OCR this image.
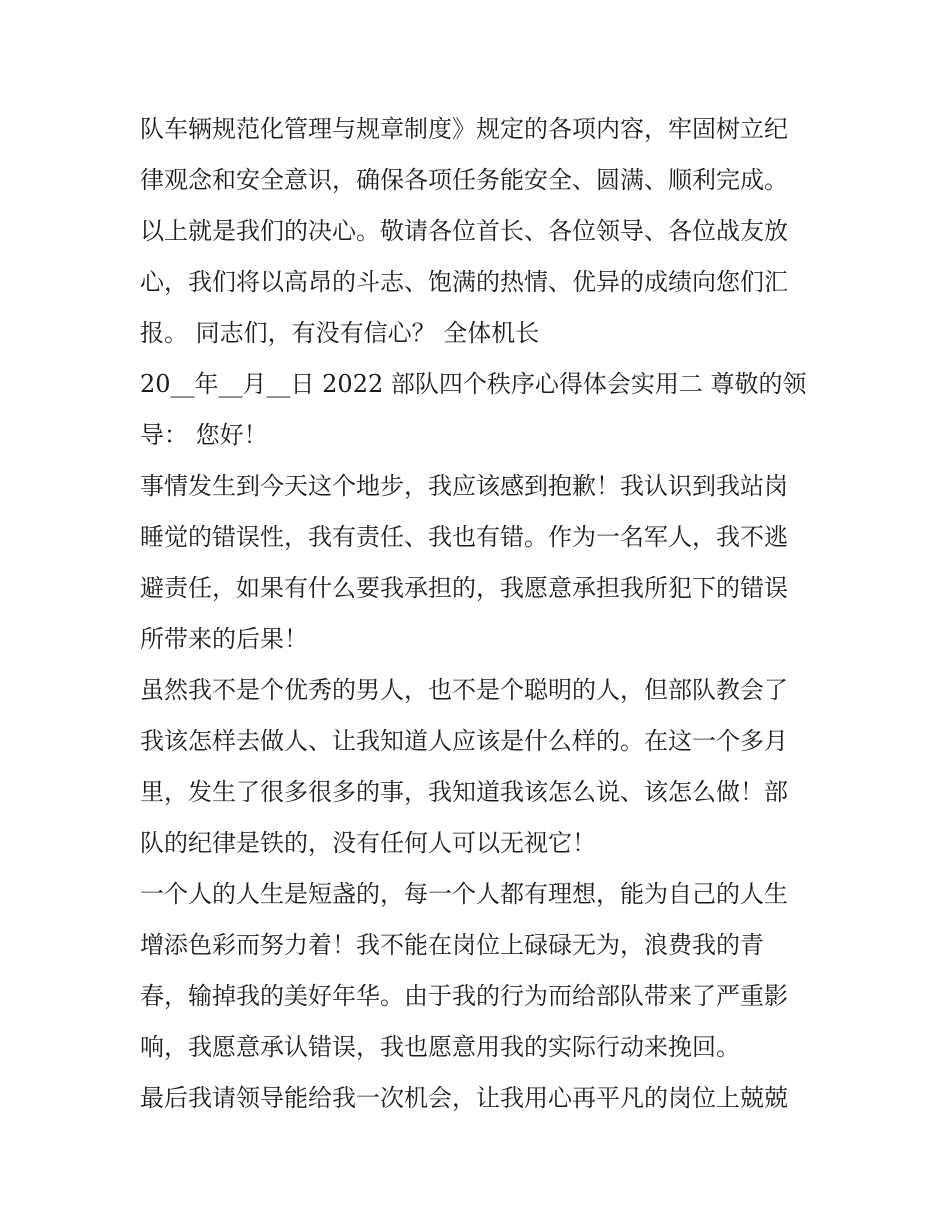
队车辆规范化管理与规章制度》规定的各项内容，牢固树立纪
律观念和安全意识，确保各项任务能安全、圆满、顺利完成。
以上就是我们的决心。敬请各位首长、各位领导、各位战友放
心，我们将以高昂的斗志、饱满的热情、优异的成绩向您们汇
报。 同志们，有没有信心？ 全体机长
20__年__月__日 2022 部队四个秩序心得体会实用二 尊敬的领
导： 您好！
事情发生到今天这个地步，我应该感到抱歉！我认识到我站岗
睡觉的错误性，我有责任、我也有错。作为一名军人，我不逃
避责任，如果有什么要我承担的，我愿意承担我所犯下的错误
所带来的后果！
虽然我不是个优秀的男人，也不是个聪明的人，但部队教会了
我该怎样去做人、让我知道人应该是什么样的。在这一个多月
里，发生了很多很多的事，我知道我该怎么说、该怎么做！部
队的纪律是铁的，没有任何人可以无视它！
一个人的人生是短盏的，每一个人都有理想，能为自己的人生
增添色彩而努力着！我不能在岗位上碌碌无为，浪费我的青
春，输掉我的美好年华。由于我的行为而给部队带来了严重影
响，我愿意承认错误，我也愿意用我的实际行动来挽回。
最后我请领导能给我一次机会，让我用心再平凡的岗位上兢兢
